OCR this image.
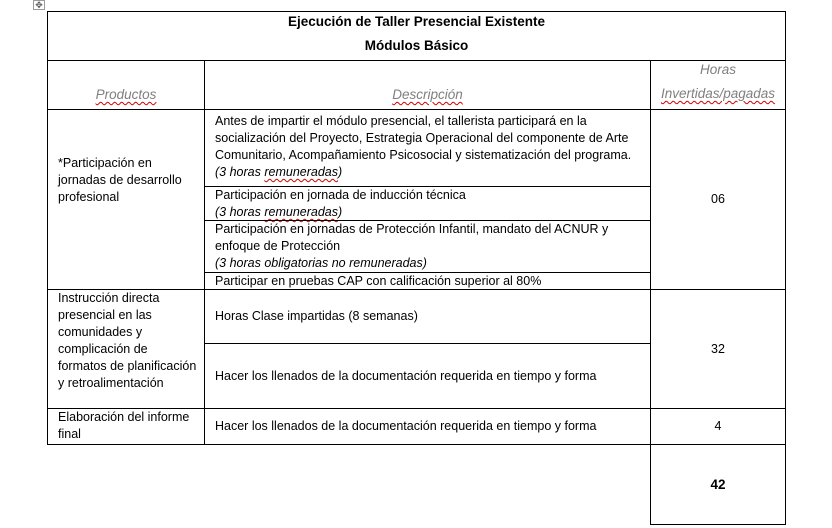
✥
Ejecución de Taller Presencial Existente
Módulos Básico
Productos	Descripción
Horas
Invertidas/pagadas
*Participación en jornadas de desarrollo profesional
Antes de impartir el módulo presencial, el tallerista participará en la socialización del Proyecto, Estrategia Operacional del componente de Arte Comunitario, Acompañamiento Psicosocial y sistematización del programa.
(3 horas remuneradas)
Participación en jornada de inducción técnica
(3 horas remuneradas)
Participación en jornadas de Protección Infantil, mandato del ACNUR y enfoque de Protección
(3 horas obligatorias no remuneradas)
Participar en pruebas CAP con calificación superior al 80%
06
Instrucción directa presencial en las comunidades y complicación de formatos de planificación y retroalimentación
Horas Clase impartidas (8 semanas)
Hacer los llenados de la documentación requerida en tiempo y forma
32
Elaboración del informe final
Hacer los llenados de la documentación requerida en tiempo y forma	4
42
